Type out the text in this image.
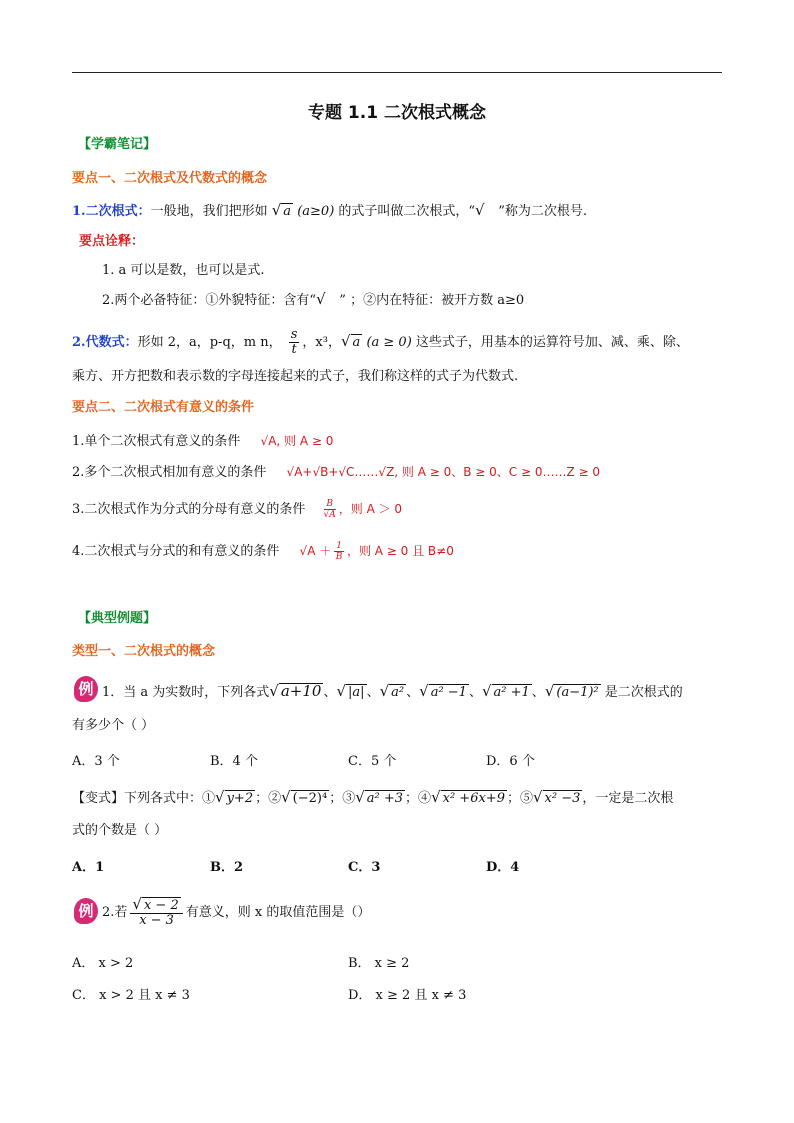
专题 1.1 二次根式概念
【学霸笔记】
要点一、二次根式及代数式的概念
1.二次根式：一般地，我们把形如 √ a (a≥0) 的式子叫做二次根式，“√   ”称为二次根号.
要点诠释：
1. a 可以是数，也可以是式.
2.两个必备特征：①外貌特征：含有“√   ” ；②内在特征：被开方数 a≥0
2.代数式：形如 2，a，p-q，m n， $\frac{s}{t}$ ，x³，√ a (a ≥ 0) 这些式子，用基本的运算符号加、减、乘、除、
乘方、开方把数和表示数的字母连接起来的式子，我们称这样的式子为代数式.
要点二、二次根式有意义的条件
1.单个二次根式有意义的条件 √A, 则 A ≥ 0
2.多个二次根式相加有意义的条件 √A+√B+√C……√Z, 则 A ≥ 0、B ≥ 0、C ≥ 0……Z ≥ 0
3.二次根式作为分式的分母有意义的条件 $\frac{B}{√A}$ ，则 A ＞ 0
4.二次根式与分式的和有意义的条件 $√A + \frac{1}{B}$ ，则 A ≥ 0 且 B≠0
【典型例题】
类型一、二次根式的概念
例 1．当 a 为实数时，下列各式√ a+10 、√ |a| 、√ a² 、√ a² −1 、√ a² +1 、√ (a−1)² 是二次根式的
有多少个（ ）
A．3 个	B．4 个	C．5 个	D．6 个
【变式】下列各式中：①√ y+2 ；②√ (−2)⁴ ；③√ a² +3 ；④√ x² +6x+9 ；⑤√ x² −3 ，一定是二次根
式的个数是（ ）
A．1	B．2	C．3	D．4
例 2.若 $\frac{√ x - 2}{x - 3}$ 有意义，则 x 的取值范围是（）
A． x > 2	B． x ≥ 2
C． x > 2 且 x ≠ 3	D． x ≥ 2 且 x ≠ 3
